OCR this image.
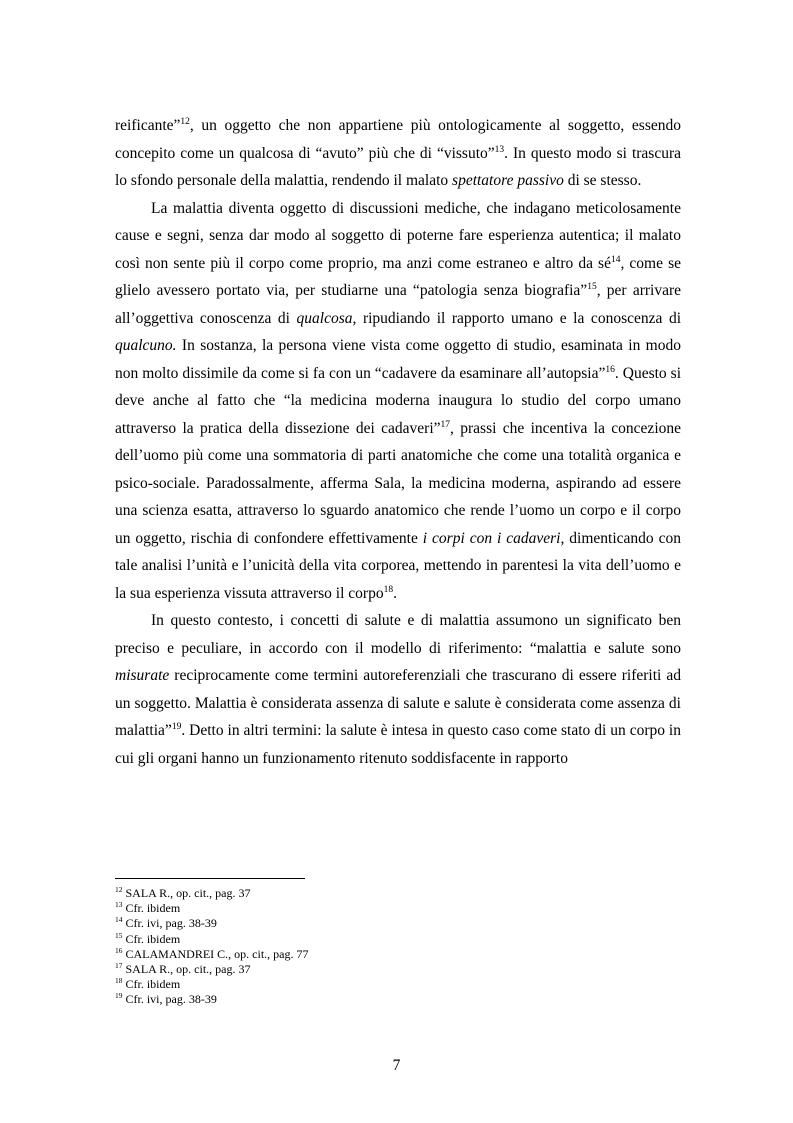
reificante”$^{12}$, un oggetto che non appartiene più ontologicamente al soggetto, essendo concepito come un qualcosa di “avuto” più che di “vissuto”$^{13}$. In questo modo si trascura lo sfondo personale della malattia, rendendo il malato spettatore passivo di se stesso.

La malattia diventa oggetto di discussioni mediche, che indagano meticolosamente cause e segni, senza dar modo al soggetto di poterne fare esperienza autentica; il malato così non sente più il corpo come proprio, ma anzi come estraneo e altro da $sé^{14}$, come se glielo avessero portato via, per studiarne una “patologia senza biografia”$^{15}$, per arrivare all’oggettiva conoscenza di qualcosa, ripudiando il rapporto umano e la conoscenza di qualcuno. In sostanza, la persona viene vista come oggetto di studio, esaminata in modo non molto dissimile da come si fa con un “cadavere da esaminare all’autopsia”$^{16}$. Questo si deve anche al fatto che “la medicina moderna inaugura lo studio del corpo umano attraverso la pratica della dissezione dei cadaveri”$^{17}$, prassi che incentiva la concezione dell’uomo più come una sommatoria di parti anatomiche che come una totalità organica e psico-sociale. Paradossalmente, afferma Sala, la medicina moderna, aspirando ad essere una scienza esatta, attraverso lo sguardo anatomico che rende l’uomo un corpo e il corpo un oggetto, rischia di confondere effettivamente i corpi con i cadaveri, dimenticando con tale analisi l’unità e l’unicità della vita corporea, mettendo in parentesi la vita dell’uomo e la sua esperienza vissuta attraverso il corpo$^{18}$.

In questo contesto, i concetti di salute e di malattia assumono un significato ben preciso e peculiare, in accordo con il modello di riferimento: “malattia e salute sono misurate reciprocamente come termini autoreferenziali che trascurano di essere riferiti ad un soggetto. Malattia è considerata assenza di salute e salute è considerata come assenza di malattia”$^{19}$. Detto in altri termini: la salute è intesa in questo caso come stato di un corpo in cui gli organi hanno un funzionamento ritenuto soddisfacente in rapporto

$^{12}$ SALA R., op. cit., pag. 37
$^{13}$ Cfr. ibidem
$^{14}$ Cfr. ivi, pag. 38-39
$^{15}$ Cfr. ibidem
$^{16}$ CALAMANDREI C., op. cit., pag. 77
$^{17}$ SALA R., op. cit., pag. 37
$^{18}$ Cfr. ibidem
$^{19}$ Cfr. ivi, pag. 38-39
7
